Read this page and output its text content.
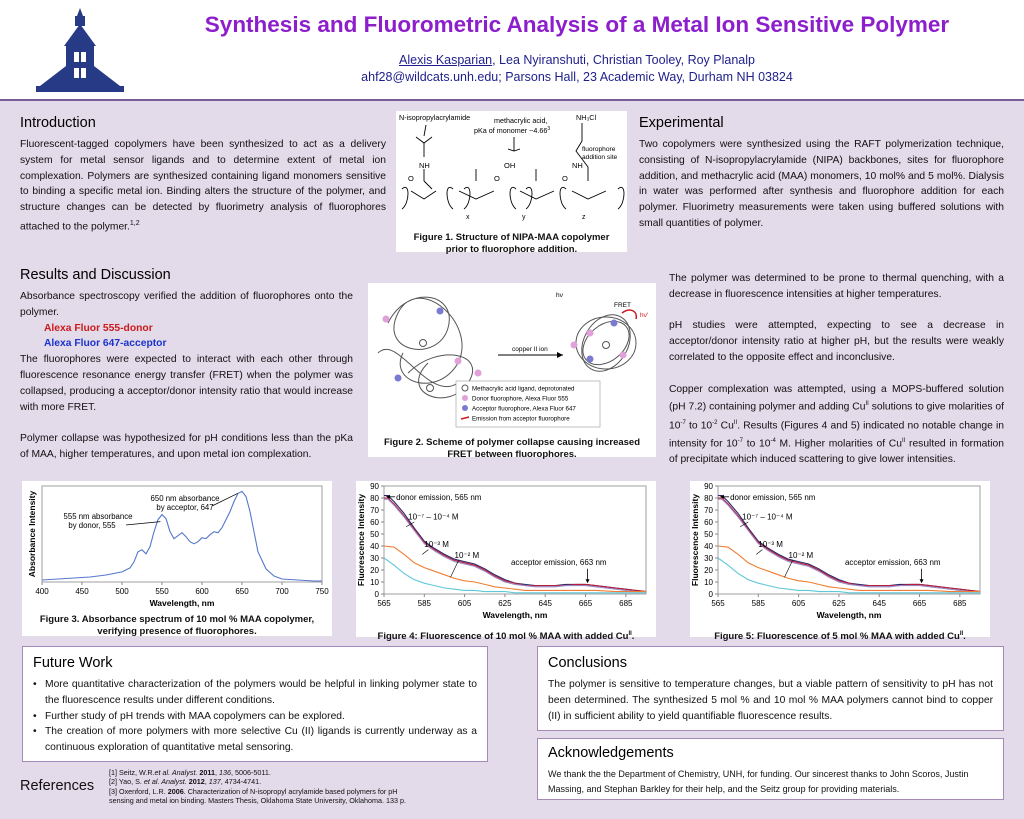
Synthesis and Fluorometric Analysis of a Metal Ion Sensitive Polymer
Alexis Kasparian, Lea Nyiranshuti, Christian Tooley, Roy Planalp
ahf28@wildcats.unh.edu; Parsons Hall, 23 Academic Way, Durham NH 03824
Introduction

Fluorescent-tagged copolymers have been synthesized to act as a delivery system for metal sensor ligands and to determine extent of metal ion complexation. Polymers are synthesized containing ligand monomers sensitive to binding a specific metal ion. Binding alters the structure of the polymer, and structure changes can be detected by fluorimetry analysis of fluorophores attached to the polymer.$^{1,2}$

N-isopropylacrylamide	methacrylic acid,
pKa of monomer ~4.66$^3$
NH₃Cl
fluorophore
addition site
NH
O
OH
O
NH
O
x	y	z
Figure 1. Structure of NIPA-MAA copolymer
prior to fluorophore addition.
Experimental

Two copolymers were synthesized using the RAFT polymerization technique, consisting of N-isopropylacrylamide (NIPA) backbones, sites for fluorophore addition, and methacrylic acid (MAA) monomers, 10 mol% and 5 mol%. Dialysis in water was performed after synthesis and fluorophore addition for each polymer. Fluorimetry measurements were taken using buffered solutions with small quantities of polymer.

Results and Discussion

Absorbance spectroscopy verified the addition of fluorophores onto the polymer.

Alexa Fluor 555-donor
Alexa Fluor 647-acceptor

The fluorophores were expected to interact with each other through fluorescence resonance energy transfer (FRET) when the polymer was collapsed, producing a acceptor/donor intensity ratio that would increase with more FRET.

Polymer collapse was hypothesized for pH conditions less than the pKa of MAA, higher temperatures, and upon metal ion complexation.

copper II ion
hν
FRET
hν'
Methacrylic acid ligand, deprotonated
Donor fluorophore, Alexa Fluor 555
Acceptor fluorophore, Alexa Fluor 647
Emission from acceptor fluorophore
Figure 2. Scheme of polymer collapse causing increased
FRET between fluorophores.

The polymer was determined to be prone to thermal quenching, with a decrease in fluorescence intensities at higher temperatures.

pH studies were attempted, expecting to see a decrease in acceptor/donor intensity ratio at higher pH, but the results were weakly correlated to the opposite effect and inconclusive.

Copper complexation was attempted, using a MOPS-buffered solution (pH 7.2) containing polymer and adding $Cu^{II}$ solutions to give molarities of $10^{-7}$ to $10^{-2}$ $Cu^{II}$. Results (Figures 4 and 5) indicated no notable change in intensity for $10^{-7}$ to $10^{-4}$ M. Higher molarities of $Cu^{II}$ resulted in formation of precipitate which induced scattering to give lower intensities.

400	450	500	550	600	650	700	750
Wavelength, nm
Absorbance Intensity	650 nm absorbance
by acceptor, 647
555 nm absorbance
by donor, 555
Figure 3. Absorbance spectrum of 10 mol % MAA copolymer,
verifying presence of fluorophores.
565	585	605	625	645	665	685
0
10
20
30
40
50
60
70
80
90
Wavelength, nm
Fluorescence Intensity	donor emission, 565 nm
10⁻⁷ – 10⁻⁴ M
10⁻³ M
10⁻² M
acceptor emission, 663 nm
Figure 4: Fluorescence of 10 mol % MAA with added $Cu^{II}$.
565	585	605	625	645	665	685
0
10
20
30
40
50
60
70
80
90
Wavelength, nm
Fluorescence Intensity	donor emission, 565 nm
10⁻⁷ – 10⁻⁴ M
10⁻³ M
10⁻² M
acceptor emission, 663 nm
Figure 5: Fluorescence of 5 mol % MAA with added $Cu^{II}$.
Future Work
• More quantitative characterization of the polymers would be helpful in linking polymer state to the fluorescence results under different conditions.
• Further study of pH trends with MAA copolymers can be explored.
• The creation of more polymers with more selective Cu (II) ligands is currently underway as a continuous exploration of quantitative metal sensoring.
References
[1] Seitz, W.R.et al. Analyst. 2011, 136, 5006-5011.
[2] Yao, S. et al. Analyst. 2012, 137, 4734-4741.
[3] Oxenford, L.R. 2006. Characterization of N-isopropyl acrylamide based polymers for pH
sensing and metal ion binding. Masters Thesis, Oklahoma State University, Oklahoma. 133 p.
Conclusions

The polymer is sensitive to temperature changes, but a viable pattern of sensitivity to pH has not been determined. The synthesized 5 mol % and 10 mol % MAA polymers cannot bind to copper (II) in sufficient ability to yield quantifiable fluorescence results.

Acknowledgements

We thank the the Department of Chemistry, UNH, for funding. Our sincerest thanks to John Scoros, Justin Massing, and Stephan Barkley for their help, and the Seitz group for providing materials.
